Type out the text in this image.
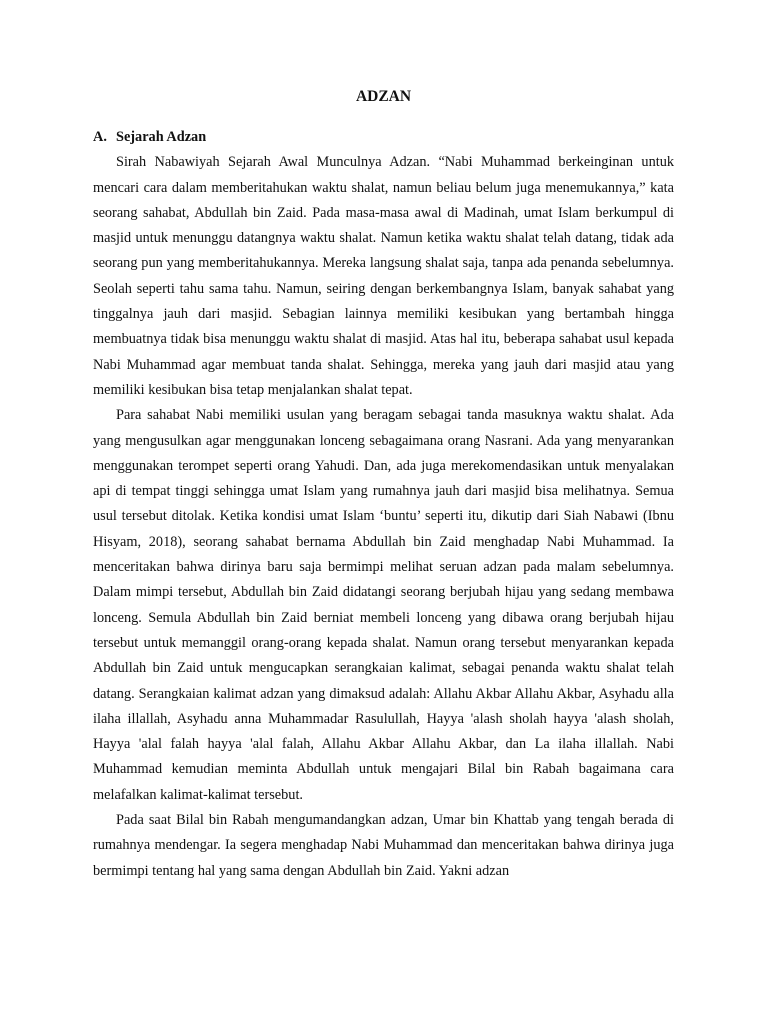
ADZAN
A. Sejarah Adzan

Sirah Nabawiyah Sejarah Awal Munculnya Adzan. “Nabi Muhammad berkeinginan untuk mencari cara dalam memberitahukan waktu shalat, namun beliau belum juga menemukannya,” kata seorang sahabat, Abdullah bin Zaid. Pada masa-masa awal di Madinah, umat Islam berkumpul di masjid untuk menunggu datangnya waktu shalat. Namun ketika waktu shalat telah datang, tidak ada seorang pun yang memberitahukannya. Mereka langsung shalat saja, tanpa ada penanda sebelumnya. Seolah seperti tahu sama tahu. Namun, seiring dengan berkembangnya Islam, banyak sahabat yang tinggalnya jauh dari masjid. Sebagian lainnya memiliki kesibukan yang bertambah hingga membuatnya tidak bisa menunggu waktu shalat di masjid. Atas hal itu, beberapa sahabat usul kepada Nabi Muhammad agar membuat tanda shalat. Sehingga, mereka yang jauh dari masjid atau yang memiliki kesibukan bisa tetap menjalankan shalat tepat.

Para sahabat Nabi memiliki usulan yang beragam sebagai tanda masuknya waktu shalat. Ada yang mengusulkan agar menggunakan lonceng sebagaimana orang Nasrani. Ada yang menyarankan menggunakan terompet seperti orang Yahudi. Dan, ada juga merekomendasikan untuk menyalakan api di tempat tinggi sehingga umat Islam yang rumahnya jauh dari masjid bisa melihatnya. Semua usul tersebut ditolak. Ketika kondisi umat Islam ‘buntu’ seperti itu, dikutip dari Siah Nabawi (Ibnu Hisyam, 2018), seorang sahabat bernama Abdullah bin Zaid menghadap Nabi Muhammad. Ia menceritakan bahwa dirinya baru saja bermimpi melihat seruan adzan pada malam sebelumnya. Dalam mimpi tersebut, Abdullah bin Zaid didatangi seorang berjubah hijau yang sedang membawa lonceng. Semula Abdullah bin Zaid berniat membeli lonceng yang dibawa orang berjubah hijau tersebut untuk memanggil orang-orang kepada shalat. Namun orang tersebut menyarankan kepada Abdullah bin Zaid untuk mengucapkan serangkaian kalimat, sebagai penanda waktu shalat telah datang. Serangkaian kalimat adzan yang dimaksud adalah: Allahu Akbar Allahu Akbar, Asyhadu alla ilaha illallah, Asyhadu anna Muhammadar Rasulullah, Hayya 'alash sholah hayya 'alash sholah, Hayya 'alal falah hayya 'alal falah, Allahu Akbar Allahu Akbar, dan La ilaha illallah. Nabi Muhammad kemudian meminta Abdullah untuk mengajari Bilal bin Rabah bagaimana cara melafalkan kalimat-kalimat tersebut.

Pada saat Bilal bin Rabah mengumandangkan adzan, Umar bin Khattab yang tengah berada di rumahnya mendengar. Ia segera menghadap Nabi Muhammad dan menceritakan bahwa dirinya juga bermimpi tentang hal yang sama dengan Abdullah bin Zaid. Yakni adzan
